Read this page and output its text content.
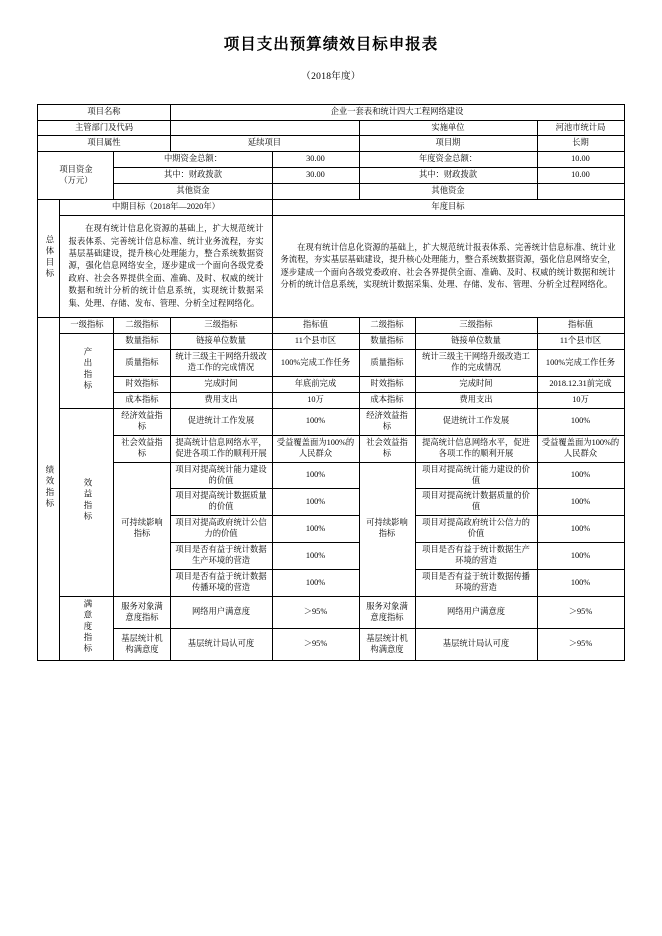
项目支出预算绩效目标申报表
（2018年度）
项目名称			企业一套表和统计四大工程网络建设				
主管部门及代码					实施单位		河池市统计局
项目属性			延续项目		项目期		长期

项目资金
（万元）		中期资金总额：		30.00	年度资金总额：		10.00
		其中：财政拨款		30.00	其中：财政拨款		10.00
		其他资金			其他资金		
总体目标	中期目标（2018年—2020年）			年度目标			

	在现有统计信息化资源的基础上，扩大规范统计报表体系、完善统计信息标准、统计业务流程，夯实基层基础建设，提升核心处理能力，整合系统数据资源，强化信息网络安全，逐步建成一个面向各级党委政府、社会各界提供全面、准确、及时、权威的统计数据和统计分析的统计信息系统，实现统计数据采集、处理、存储、发布、管理、分析全过程网络化。			在现有统计信息化资源的基础上，扩大规范统计报表体系、完善统计信息标准、统计业务流程，夯实基层基础建设，提升核心处理能力，整合系统数据资源，强化信息网络安全，逐步建成一个面向各级党委政府、社会各界提供全面、准确、及时、权威的统计数据和统计分析的统计信息系统，实现统计数据采集、处理、存储、发布、管理、分析全过程网络化。			

绩效指标	一级指标	二级指标	三级指标	指标值	二级指标	三级指标	指标值
	产出指标	数量指标	链接单位数量	11个县市区	数量指标	链接单位数量	11个县市区
		质量指标	统计三级主干网络升级改造工作的完成情况	100%完成工作任务	质量指标	统计三级主干网络升级改造工作的完成情况	100%完成工作任务
		时效指标	完成时间	年底前完成	时效指标	完成时间	2018.12.31前完成
		成本指标	费用支出	10万	成本指标	费用支出	10万
	效益指标	经济效益指标	促进统计工作发展	100%	经济效益指标	促进统计工作发展	100%
		社会效益指标	提高统计信息网络水平，促进各项工作的顺利开展	受益覆盖面为100%的人民群众	社会效益指标	提高统计信息网络水平，促进各项工作的顺利开展	受益覆盖面为100%的人民群众
		可持续影响指标	项目对提高统计能力建设的价值	100%	可持续影响指标	项目对提高统计能力建设的价值	100%
			项目对提高统计数据质量的价值	100%		项目对提高统计数据质量的价值	100%
			项目对提高政府统计公信力的价值	100%		项目对提高政府统计公信力的价值	100%
			项目是否有益于统计数据生产环境的营造	100%		项目是否有益于统计数据生产环境的营造	100%
			项目是否有益于统计数据传播环境的营造	100%		项目是否有益于统计数据传播环境的营造	100%
	满意度指标	服务对象满意度指标	网络用户满意度	＞95%	服务对象满意度指标	网络用户满意度	＞95%
		基层统计机构满意度	基层统计局认可度	＞95%	基层统计机构满意度	基层统计局认可度	＞95%
